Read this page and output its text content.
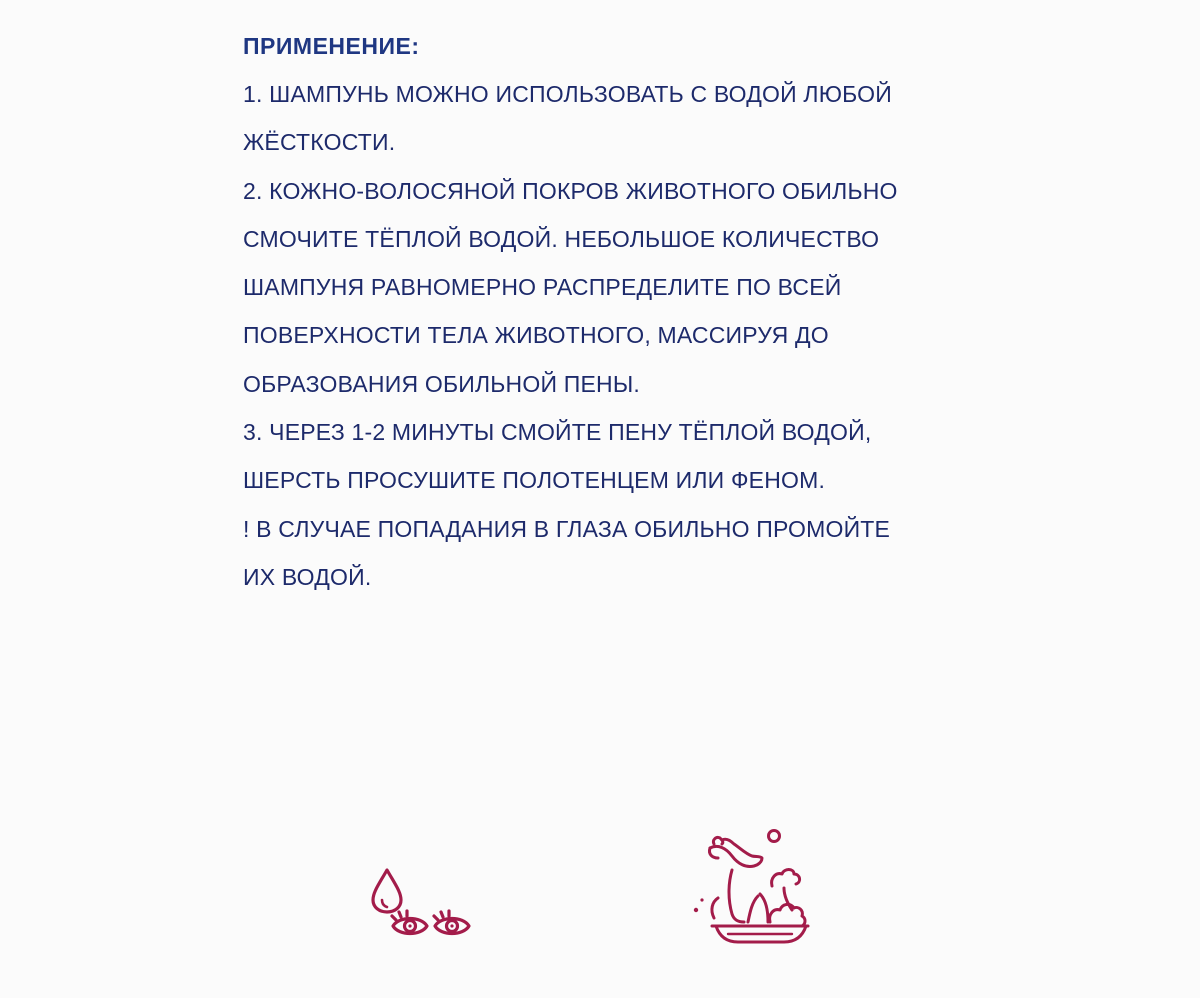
ПРИМЕНЕНИЕ:
1. ШАМПУНЬ МОЖНО ИСПОЛЬЗОВАТЬ С ВОДОЙ ЛЮБОЙ
ЖЁСТКОСТИ.
2. КОЖНО-ВОЛОСЯНОЙ ПОКРОВ ЖИВОТНОГО ОБИЛЬНО
СМОЧИТЕ ТЁПЛОЙ ВОДОЙ. НЕБОЛЬШОЕ КОЛИЧЕСТВО
ШАМПУНЯ РАВНОМЕРНО РАСПРЕДЕЛИТЕ ПО ВСЕЙ
ПОВЕРХНОСТИ ТЕЛА ЖИВОТНОГО, МАССИРУЯ ДО
ОБРАЗОВАНИЯ ОБИЛЬНОЙ ПЕНЫ.
3. ЧЕРЕЗ 1-2 МИНУТЫ СМОЙТЕ ПЕНУ ТЁПЛОЙ ВОДОЙ,
ШЕРСТЬ ПРОСУШИТЕ ПОЛОТЕНЦЕМ ИЛИ ФЕНОМ.
! В СЛУЧАЕ ПОПАДАНИЯ В ГЛАЗА ОБИЛЬНО ПРОМОЙТЕ
ИХ ВОДОЙ.
